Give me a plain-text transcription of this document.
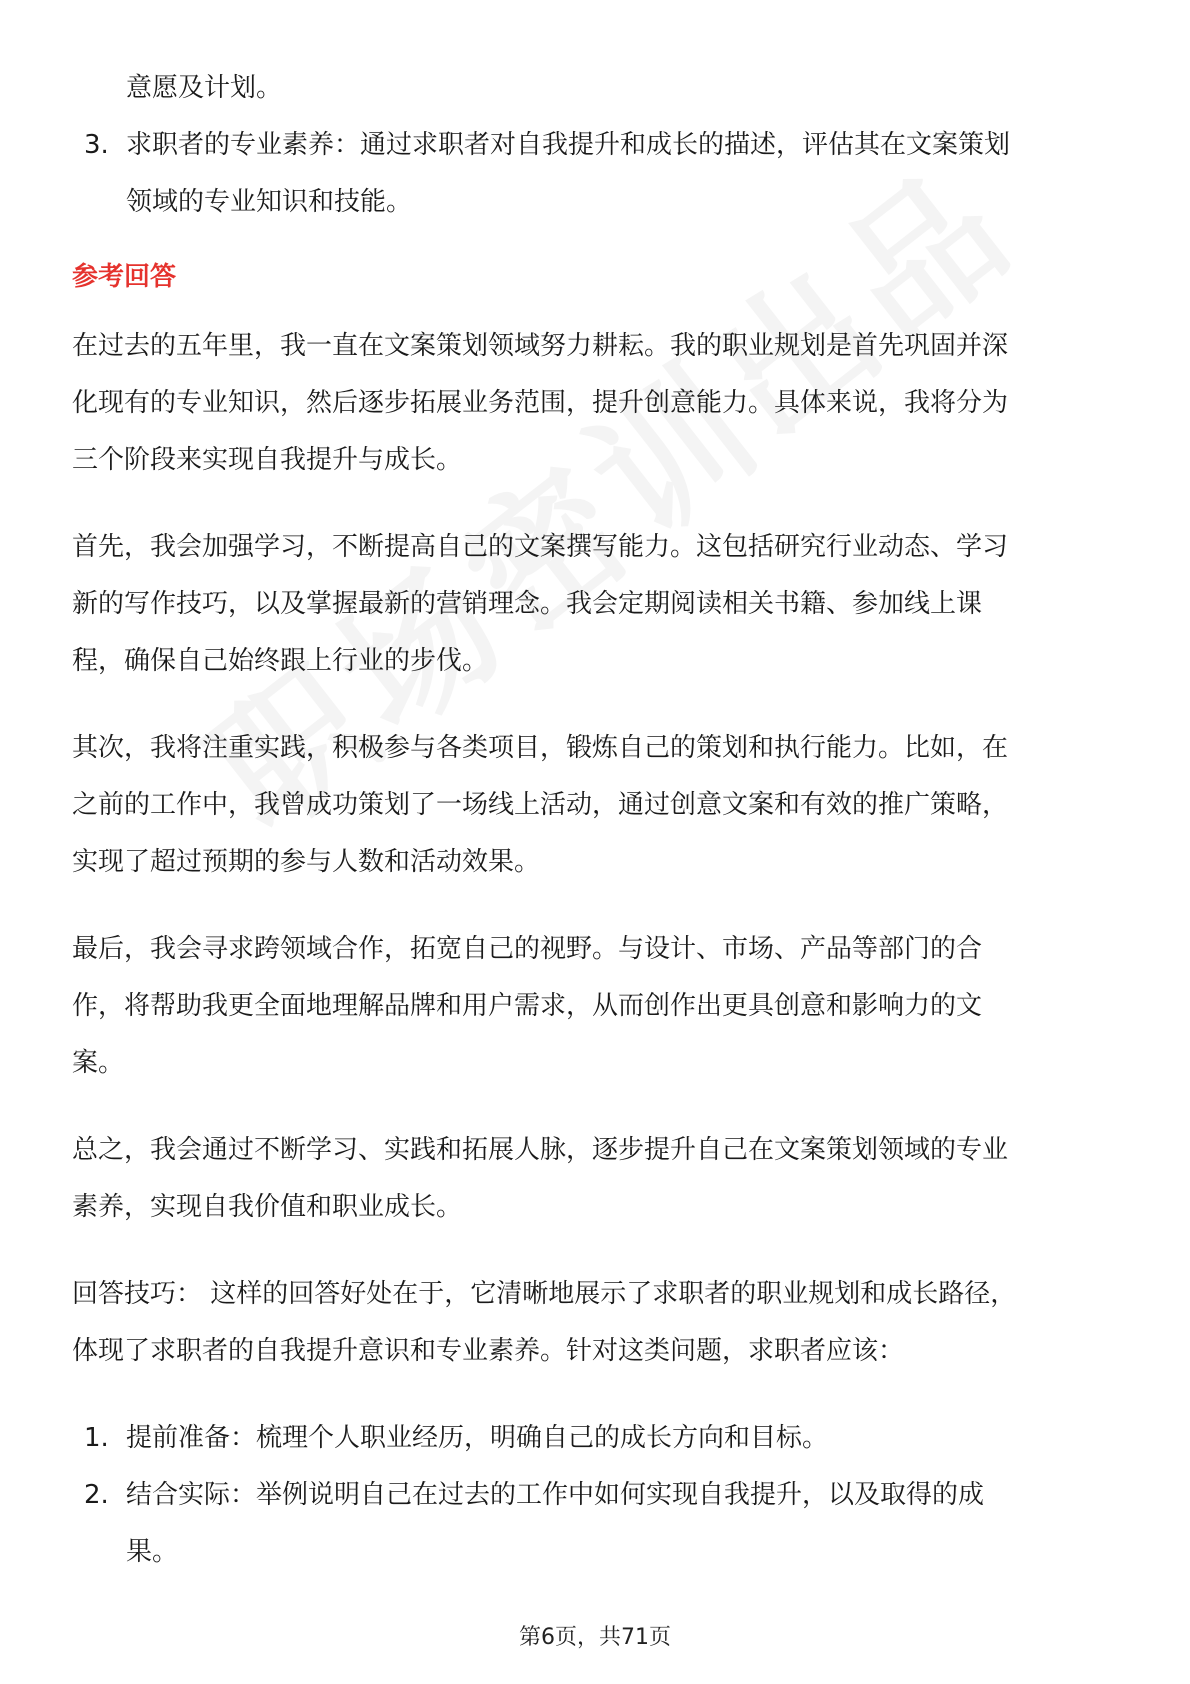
意愿及计划。
3. 求职者的专业素养：通过求职者对自我提升和成长的描述，评估其在文案策划
领域的专业知识和技能。
参考回答

在过去的五年里，我一直在文案策划领域努力耕耘。我的职业规划是首先巩固并深
化现有的专业知识，然后逐步拓展业务范围，提升创意能力。具体来说，我将分为
三个阶段来实现自我提升与成长。

首先，我会加强学习，不断提高自己的文案撰写能力。这包括研究行业动态、学习
新的写作技巧，以及掌握最新的营销理念。我会定期阅读相关书籍、参加线上课
程，确保自己始终跟上行业的步伐。

其次，我将注重实践，积极参与各类项目，锻炼自己的策划和执行能力。比如，在
之前的工作中，我曾成功策划了一场线上活动，通过创意文案和有效的推广策略，
实现了超过预期的参与人数和活动效果。

最后，我会寻求跨领域合作，拓宽自己的视野。与设计、市场、产品等部门的合
作，将帮助我更全面地理解品牌和用户需求，从而创作出更具创意和影响力的文
案。

总之，我会通过不断学习、实践和拓展人脉，逐步提升自己在文案策划领域的专业
素养，实现自我价值和职业成长。

回答技巧： 这样的回答好处在于，它清晰地展示了求职者的职业规划和成长路径，
体现了求职者的自我提升意识和专业素养。针对这类问题，求职者应该：

1. 提前准备：梳理个人职业经历，明确自己的成长方向和目标。
2. 结合实际：举例说明自己在过去的工作中如何实现自我提升，以及取得的成
果。
第6页，共71页
